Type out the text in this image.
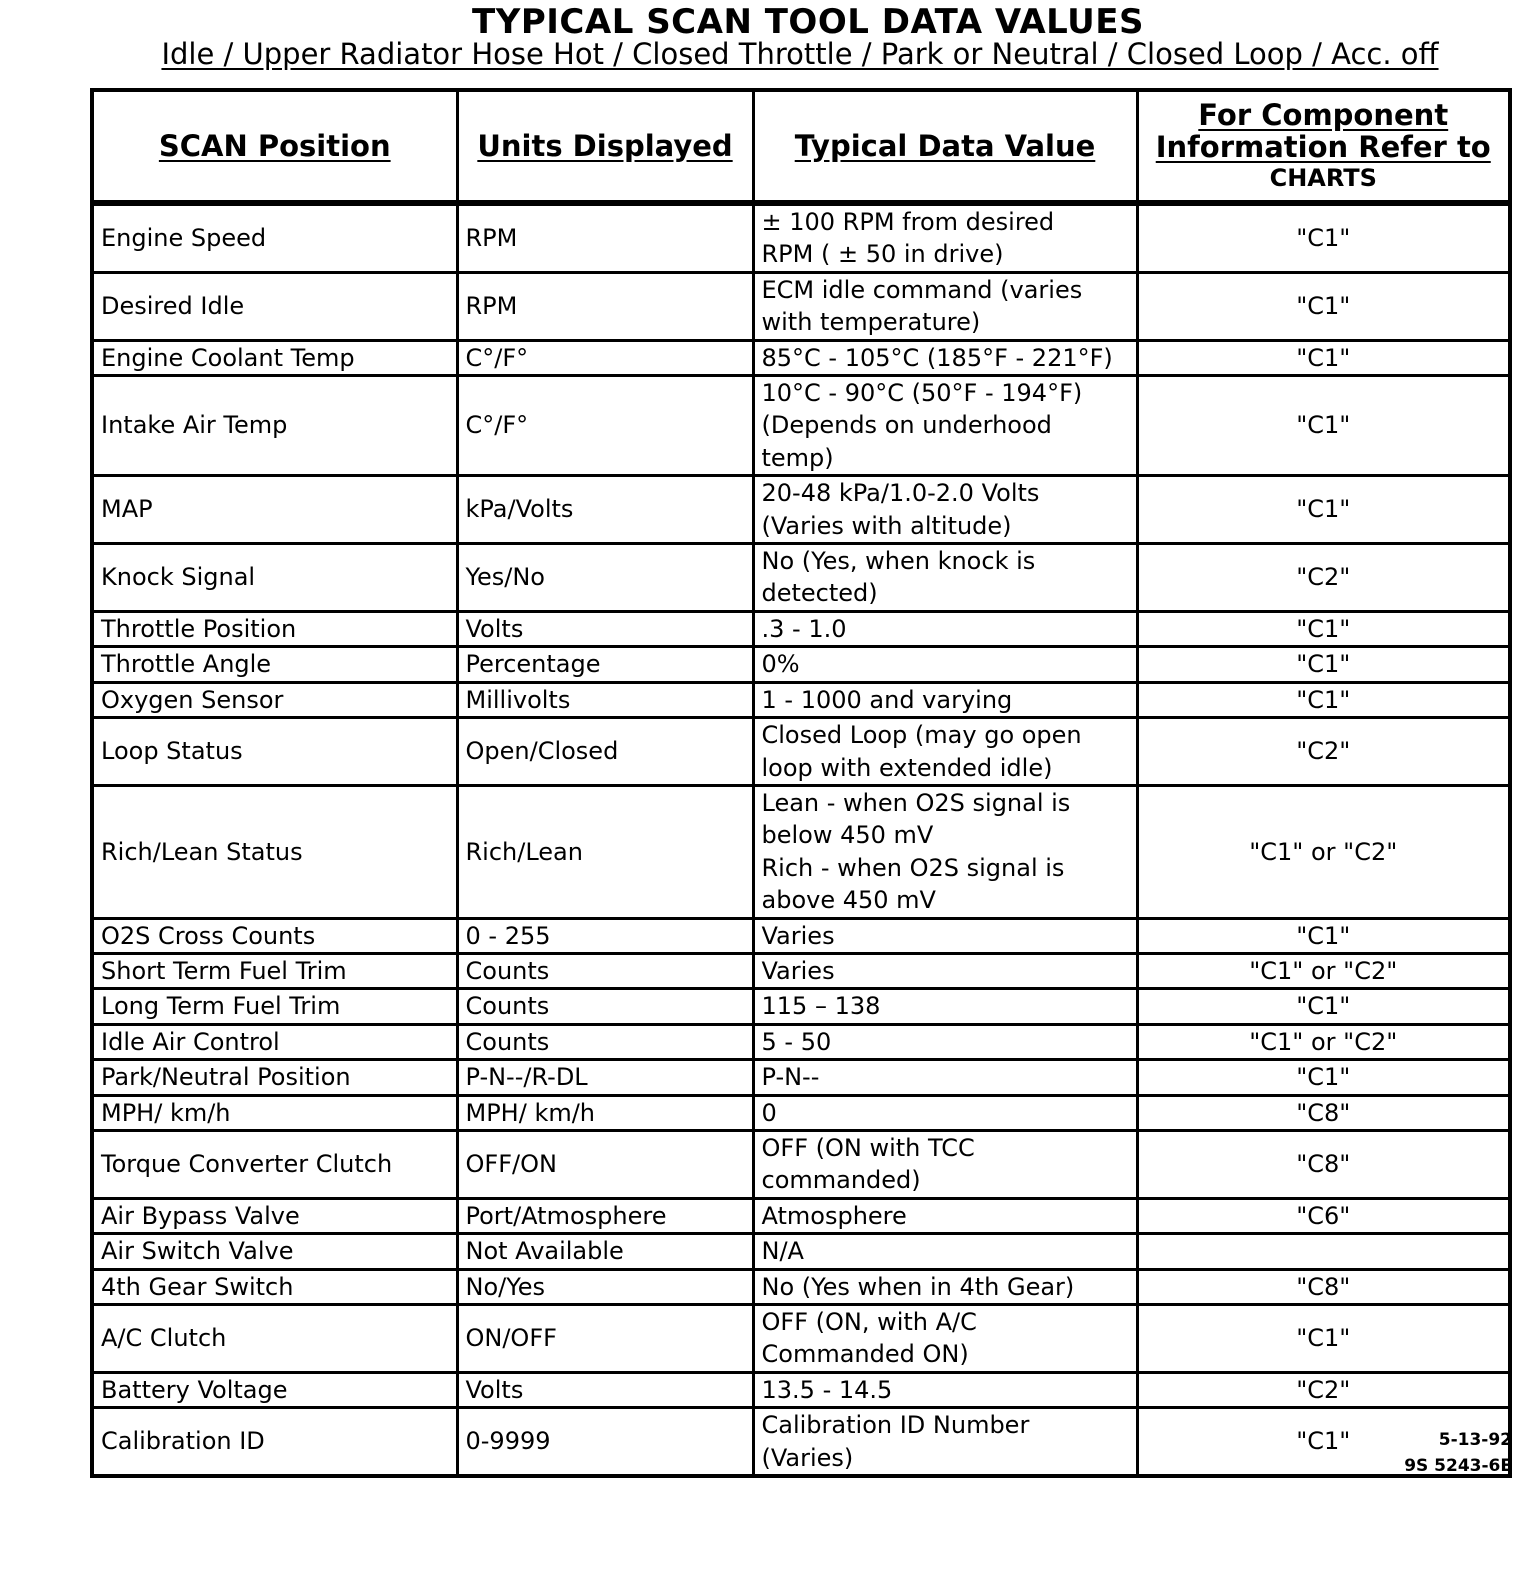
TYPICAL SCAN TOOL DATA VALUES
Idle / Upper Radiator Hose Hot / Closed Throttle / Park or Neutral / Closed Loop / Acc. off
SCAN Position	Units Displayed	Typical Data Value	For Component Information Refer to
CHARTS

Engine Speed	RPM	± 100 RPM from desired
RPM ( ± 50 in drive)	"C1"
Desired Idle	RPM	ECM idle command (varies
with temperature)	"C1"
Engine Coolant Temp	C°/F°	85°C - 105°C (185°F - 221°F)	"C1"
Intake Air Temp	C°/F°	10°C - 90°C (50°F - 194°F)
(Depends on underhood
temp)	"C1"
MAP	kPa/Volts	20-48 kPa/1.0-2.0 Volts
(Varies with altitude)	"C1"
Knock Signal	Yes/No	No (Yes, when knock is
detected)	"C2"
Throttle Position	Volts	.3 - 1.0	"C1"
Throttle Angle	Percentage	0%	"C1"
Oxygen Sensor	Millivolts	1 - 1000 and varying	"C1"
Loop Status	Open/Closed	Closed Loop (may go open
loop with extended idle)	"C2"
Rich/Lean Status	Rich/Lean	Lean - when O2S signal is
below 450 mV
Rich - when O2S signal is
above 450 mV	"C1" or "C2"
O2S Cross Counts	0 - 255	Varies	"C1"
Short Term Fuel Trim	Counts	Varies	"C1" or "C2"
Long Term Fuel Trim	Counts	115 – 138	"C1"
Idle Air Control	Counts	5 - 50	"C1" or "C2"
Park/Neutral Position	P-N--/R-DL	P-N--	"C1"
MPH/ km/h	MPH/ km/h	0	"C8"
Torque Converter Clutch	OFF/ON	OFF (ON with TCC
commanded)	"C8"
Air Bypass Valve	Port/Atmosphere	Atmosphere	"C6"
Air Switch Valve	Not Available	N/A	
4th Gear Switch	No/Yes	No (Yes when in 4th Gear)	"C8"
A/C Clutch	ON/OFF	OFF (ON, with A/C
Commanded ON)	"C1"
Battery Voltage	Volts	13.5 - 14.5	"C2"
Calibration ID	0-9999	Calibration ID Number
(Varies)	"C1"	5-13-92
9S 5243-6E
